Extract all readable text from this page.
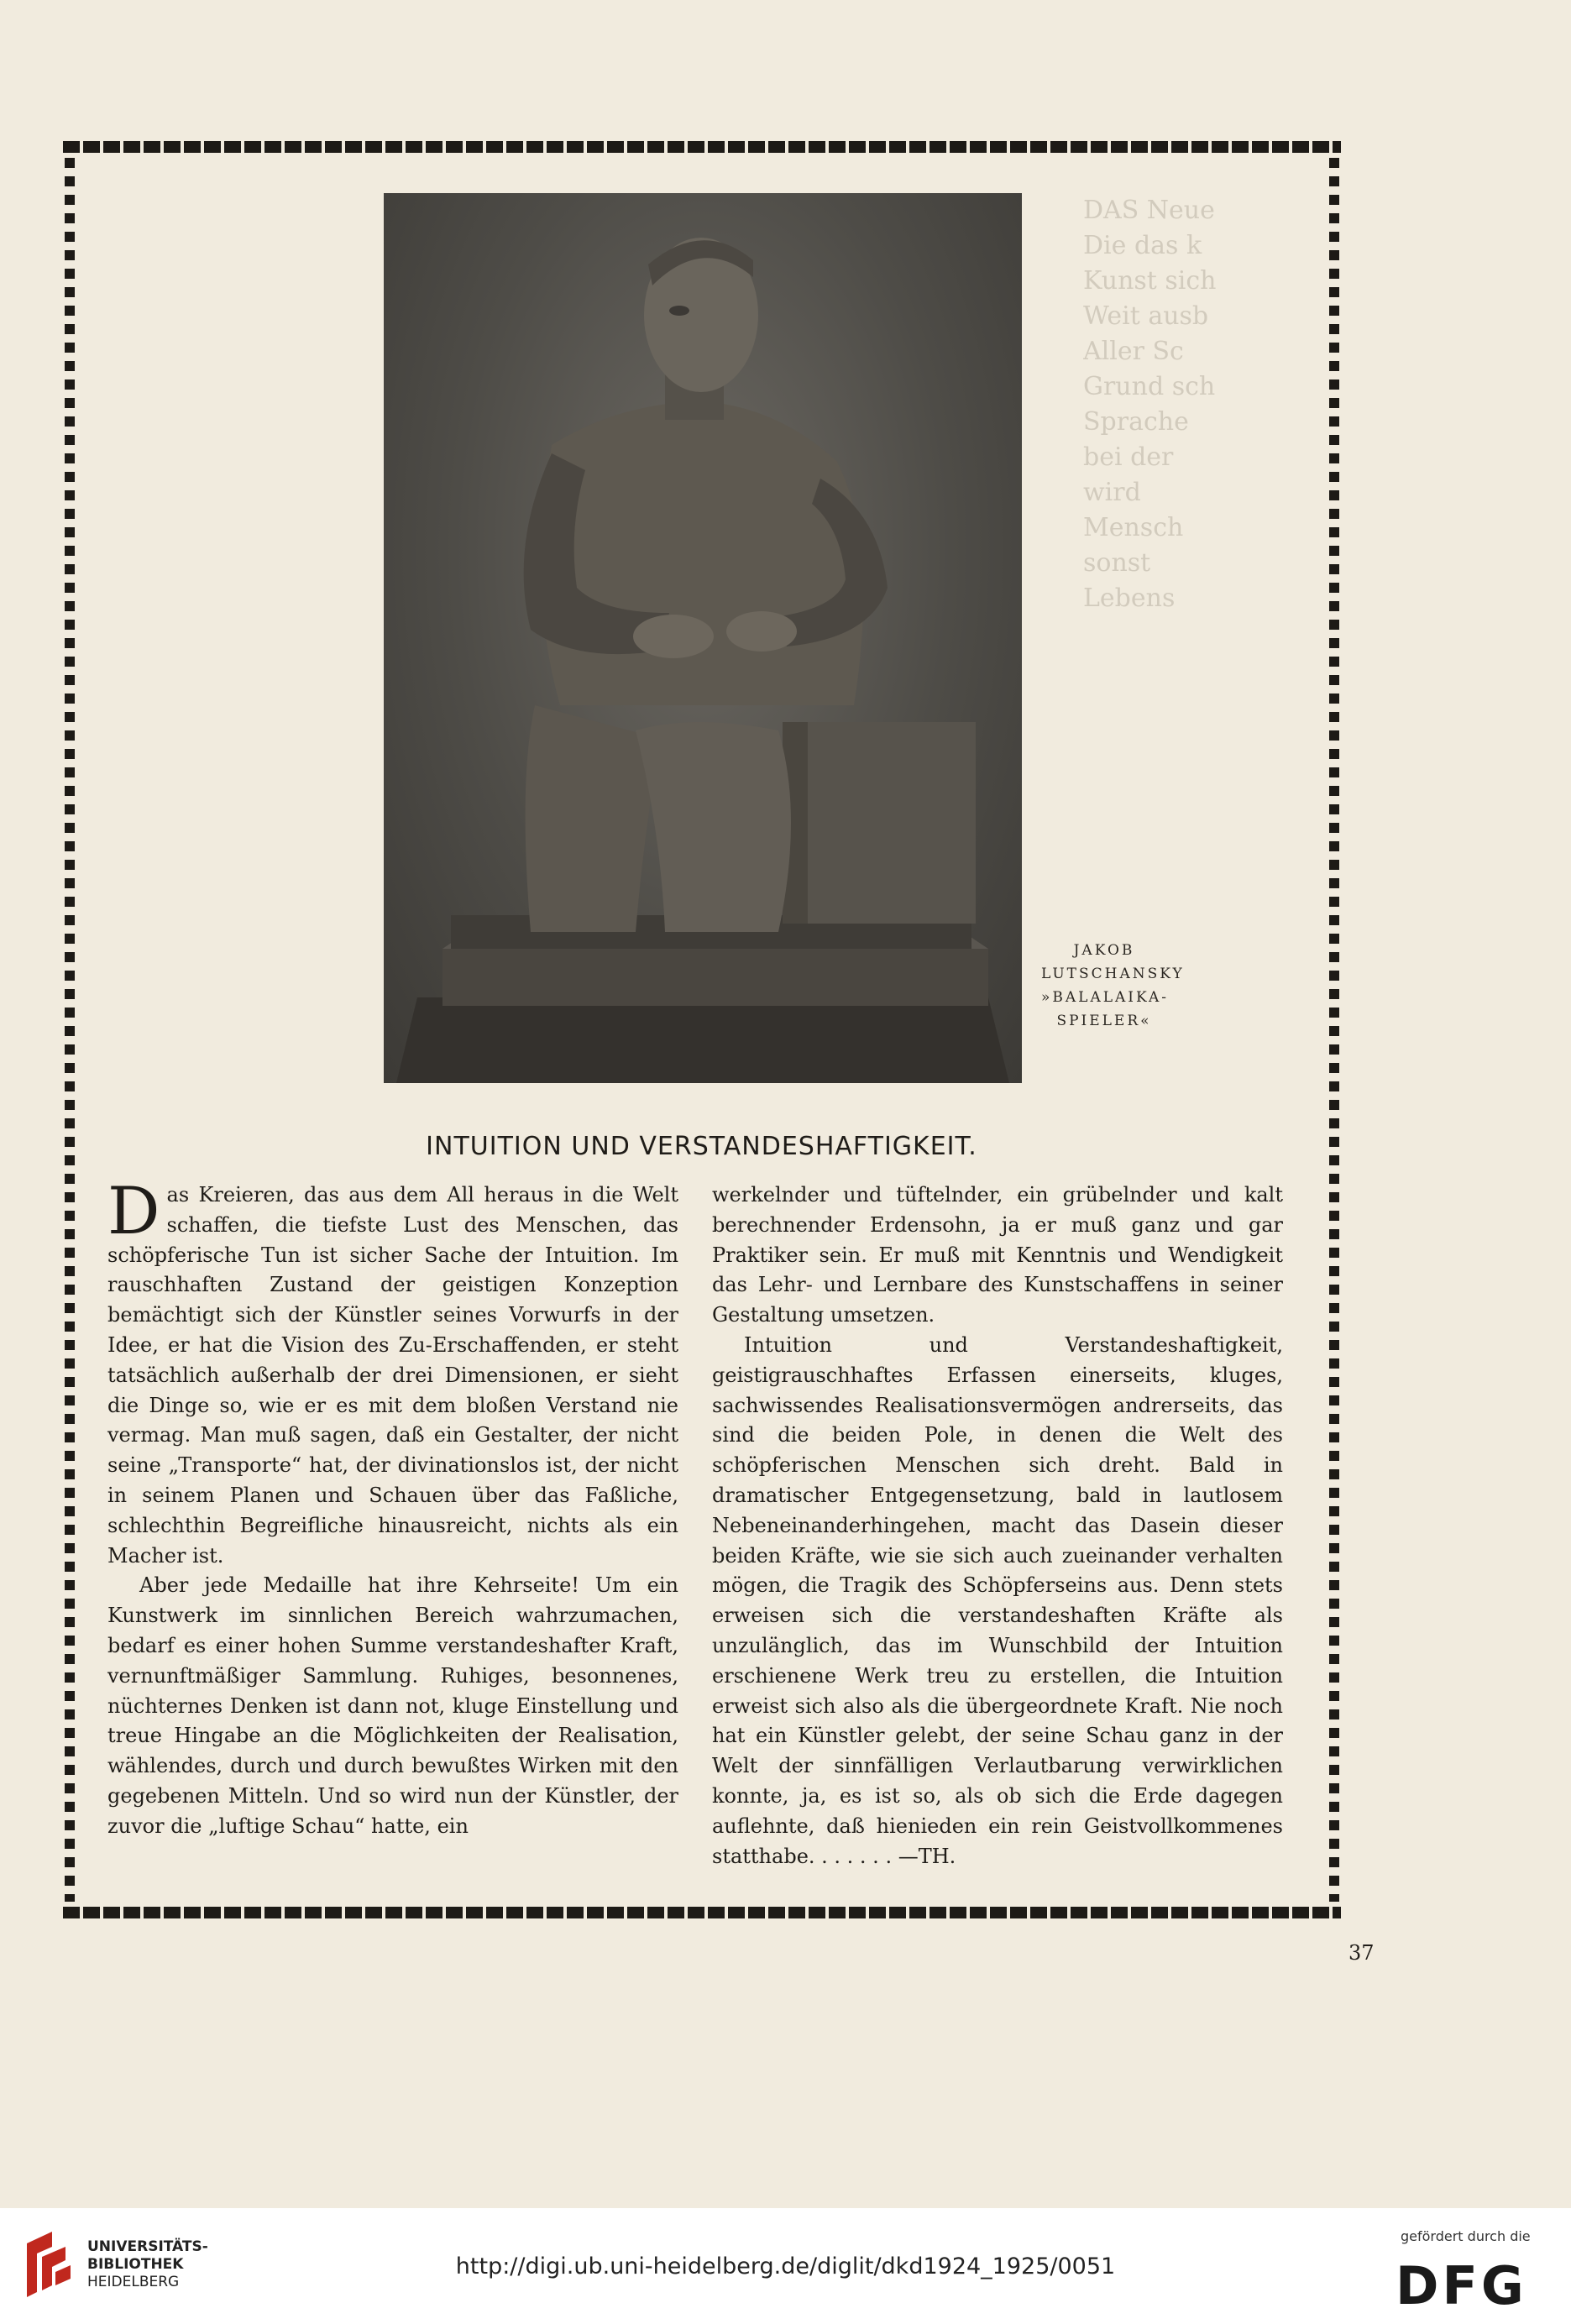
DAS Neue
Die das k
Kunst sich
Weit ausb
Aller Sc
Grund sch
Sprache
bei der
wird
Mensch
sonst
Lebens
JAKOB
LUTSCHANSKY
»BALALAIKA-
SPIELER«
INTUITION UND VERSTANDESHAFTIGKEIT.

Das Kreieren, das aus dem All heraus in die Welt schaffen, die tiefste Lust des Menschen, das schöpferische Tun ist sicher Sache der Intuition. Im rauschhaften Zustand der geistigen Konzeption bemächtigt sich der Künstler seines Vorwurfs in der Idee, er hat die Vision des Zu-Erschaffenden, er steht tatsächlich außerhalb der drei Dimensionen, er sieht die Dinge so, wie er es mit dem bloßen Verstand nie vermag. Man muß sagen, daß ein Gestalter, der nicht seine „Transporte“ hat, der divinationslos ist, der nicht in seinem Planen und Schauen über das Faßliche, schlechthin Begreifliche hinausreicht, nichts als ein Macher ist.

Aber jede Medaille hat ihre Kehrseite! Um ein Kunstwerk im sinnlichen Bereich wahrzumachen, bedarf es einer hohen Summe verstandeshafter Kraft, vernunftmäßiger Sammlung. Ruhiges, besonnenes, nüchternes Denken ist dann not, kluge Einstellung und treue Hingabe an die Möglichkeiten der Realisation, wählendes, durch und durch bewußtes Wirken mit den gegebenen Mitteln. Und so wird nun der Künstler, der zuvor die „luftige Schau“ hatte, ein

werkelnder und tüftelnder, ein grübelnder und kalt berechnender Erdensohn, ja er muß ganz und gar Praktiker sein. Er muß mit Kenntnis und Wendigkeit das Lehr- und Lernbare des Kunstschaffens in seiner Gestaltung umsetzen.

Intuition und Verstandeshaftigkeit, geistigrauschhaftes Erfassen einerseits, kluges, sachwissendes Realisationsvermögen andrerseits, das sind die beiden Pole, in denen die Welt des schöpferischen Menschen sich dreht. Bald in dramatischer Entgegensetzung, bald in lautlosem Nebeneinanderhingehen, macht das Dasein dieser beiden Kräfte, wie sie sich auch zueinander verhalten mögen, die Tragik des Schöpferseins aus. Denn stets erweisen sich die verstandeshaften Kräfte als unzulänglich, das im Wunschbild der Intuition erschienene Werk treu zu erstellen, die Intuition erweist sich also als die übergeordnete Kraft. Nie noch hat ein Künstler gelebt, der seine Schau ganz in der Welt der sinnfälligen Verlautbarung verwirklichen konnte, ja, es ist so, als ob sich die Erde dagegen auflehnte, daß hienieden ein rein Geistvollkommenes statthabe. . . . . . . —TH.

37
UNIVERSITÄTS-
BIBLIOTHEK
HEIDELBERG
http://digi.ub.uni-heidelberg.de/diglit/dkd1924_1925/0051
gefördert durch die
DFG
